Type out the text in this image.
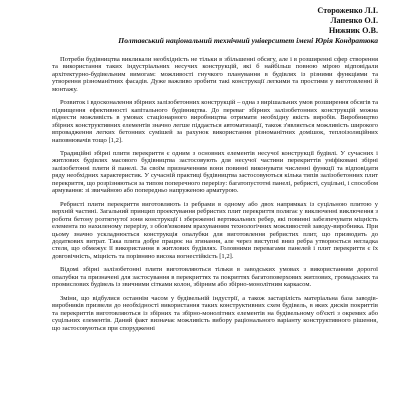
Стороженко Л.І.
Лапенко О.І.
Нижник О.В.
Полтавський національний технічний університет імені Юрія Кондратюка

Потреби будівництва викликали необхідність не тільки в збільшенні обсягу, але і в розширенні сфер створення та використання таких індустріальних несучих конструкцій, які б найбільш повною мірою відповідали архітектурно-будівельним вимогам: можливості гнучкого планування в будівлях із різними функціями та утворення різноманітних фасадів. Дуже важливо зробити такі конструкції легкими та простими у виготовленні й монтажу.

Розвиток і вдосконалення збірних залізобетонних конструкцій – одна з вирішальних умов розширення обсягів та підвищення ефективності капітального будівництва. До переваг збірних залізобетонних конструкцій можна віднести можливість в умовах стаціонарного виробництва отримати необхідну якість виробів. Виробництво збірних конструктивних елементів значно легше піддається автоматизації, також з'являється можливість широкого впровадження легких бетонних сумішей за рахунок використання різноманітних домішок, теплоізоляційних наповнювачів тощо [1,2].

Традиційні збірні плити перекриття є одним з основних елементів несучої конструкції будівлі. У сучасних і житлових будівлях масового будівництва застосовують для несучої частини перекриттів уніфіковані збірні залізобетонні плити й панелі. За своїм призначенням вони повинні виконувати численні функції та відповідати ряду необхідних характеристик. У сучасній практиці будівництва застосовуються кілька типів залізобетонних плит перекриття, що розрізняються за типом поперечного перерізу: багатопустотні панелі, ребристі, суцільні, і способом армування: зі звичайною або попередньо напруженою арматурою.

Ребристі плити перекриття виготовляють із ребрами в одному або двох напрямках із суцільною плитою у верхній частині. Загальний принцип проектування ребристих плит перекриття полягає у виключенні виключення з роботи бетону розтягнутої зони конструкції і збереженні вертикальних ребер, які повинні забезпечувати міцність елемента по нахиленому перерізу, з обов'язковим врахуванням технологічних можливостей заводу-виробника. При цьому значно ускладнюється конструкція опалубки для виготовлення ребристих плит, що призводить до додаткових витрат. Така плита добре працює на згинання, але через виступні вниз ребра утворюється негладка стеля, що обмежує її використання в житлових будівлях. Головними перевагами панелей і плит перекриття є їх довговічність, міцність та порівняно висока вогнестійкість [1,2].

Відомі збірні залізобетонні плити виготовляються тільки в заводських умовах з використанням дорогої опалубки та призначені для застосування в перекриттях та покриттях багатоповерхових житлових, громадських та промислових будівель із звичними сітками колон, збірним або збірно-монолітним каркасом.

Зміни, що відбулися останнім часом у будівельній індустрії, а також застарілість матеріальна база заводів-виробників призвели до необхідності використання таких конструктивних схем будівель, в яких дисків покриттів та перекриттів виготовляються із збірних та збірно-монолітних елементів на будівельному об'єкті з окремих або суцільних елементів. Даний факт визначає можливість вибору раціонального варіанту конструктивного рішення, що застосовуються при спорудженні
